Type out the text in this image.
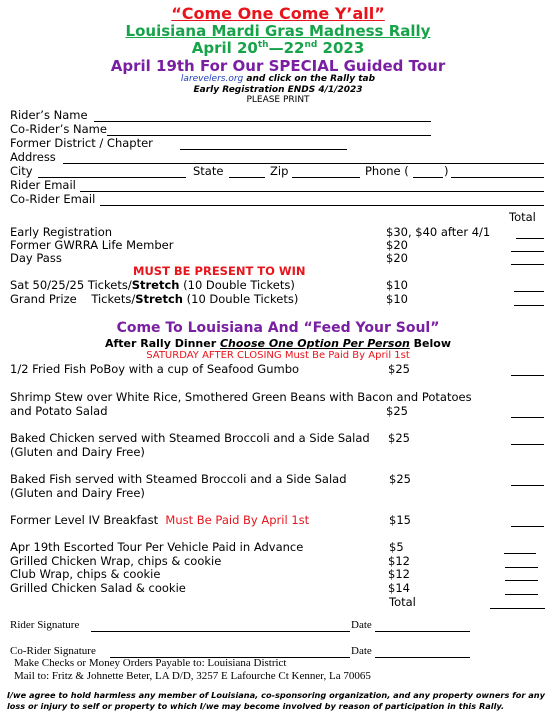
“Come One Come Y’all”
Louisiana Mardi Gras Madness Rally
April 20th—22nd 2023
April 19th For Our SPECIAL Guided Tour
larevelers.org and click on the Rally tab
Early Registration ENDS 4/1/2023
PLEASE PRINT
Rider’s Name
Co-Rider’s Name
Former District / Chapter
Address
City	State	Zip	Phone (	)
Rider Email
Co-Rider Email
Total
Early Registration	$30, $40 after 4/1
Former GWRRA Life Member	$20
Day Pass	$20
MUST BE PRESENT TO WIN
Sat 50/25/25 Tickets/Stretch (10 Double Tickets)	$10
Grand Prize    Tickets/Stretch (10 Double Tickets)	$10
Come To Louisiana And “Feed Your Soul”
After Rally Dinner Choose One Option Per Person Below
SATURDAY AFTER CLOSING Must Be Paid By April 1st
1/2 Fried Fish PoBoy with a cup of Seafood Gumbo	$25
Shrimp Stew over White Rice, Smothered Green Beans with Bacon and Potatoes
and Potato Salad	$25
Baked Chicken served with Steamed Broccoli and a Side Salad $25
(Gluten and Dairy Free)
Baked Fish served with Steamed Broccoli and a Side Salad	$25
(Gluten and Dairy Free)
Former Level IV Breakfast Must Be Paid By April 1st	$15
Apr 19th Escorted Tour Per Vehicle Paid in Advance	$5
Grilled Chicken Wrap, chips & cookie	$12
Club Wrap, chips & cookie	$12
Grilled Chicken Salad & cookie	$14
Total
Rider Signature	Date
Co-Rider Signature	Date
Make Checks or Money Orders Payable to: Louisiana District
Mail to: Fritz & Johnette Beter, LA D/D, 3257 E Lafourche Ct Kenner, La 70065
I/we agree to hold harmless any member of Louisiana, co-sponsoring organization, and any property owners for any loss or injury to self or property to which I/we may become involved by reason of participation in this Rally.
